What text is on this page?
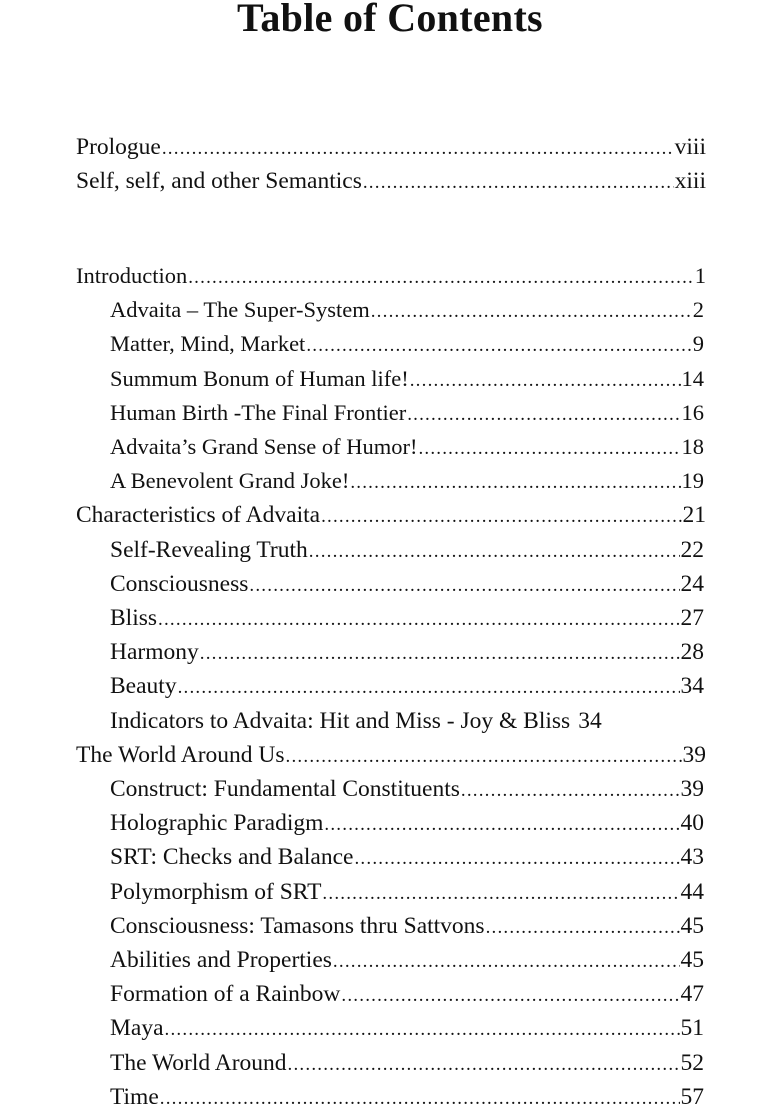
Table of Contents
Prologue .....	viii
Self, self, and other Semantics .....	xiii
Introduction .....	1
Advaita – The Super-System .....	2
Matter, Mind, Market .....	9
Summum Bonum of Human life! .....	14
Human Birth -The Final Frontier .....	16
Advaita’s Grand Sense of Humor! .....	18
A Benevolent Grand Joke! .....	19
Characteristics of Advaita .....	21
Self-Revealing Truth .....	22
Consciousness .....	24
Bliss .....	27
Harmony .....	28
Beauty .....	34
Indicators to Advaita: Hit and Miss - Joy & Bliss 34
The World Around Us .....	39
Construct: Fundamental Constituents .....	39
Holographic Paradigm .....	40
SRT: Checks and Balance .....	43
Polymorphism of SRT .....	44
Consciousness: Tamasons thru Sattvons .....	45
Abilities and Properties .....	45
Formation of a Rainbow .....	47
Maya .....	51
The World Around .....	52
Time .....	57
